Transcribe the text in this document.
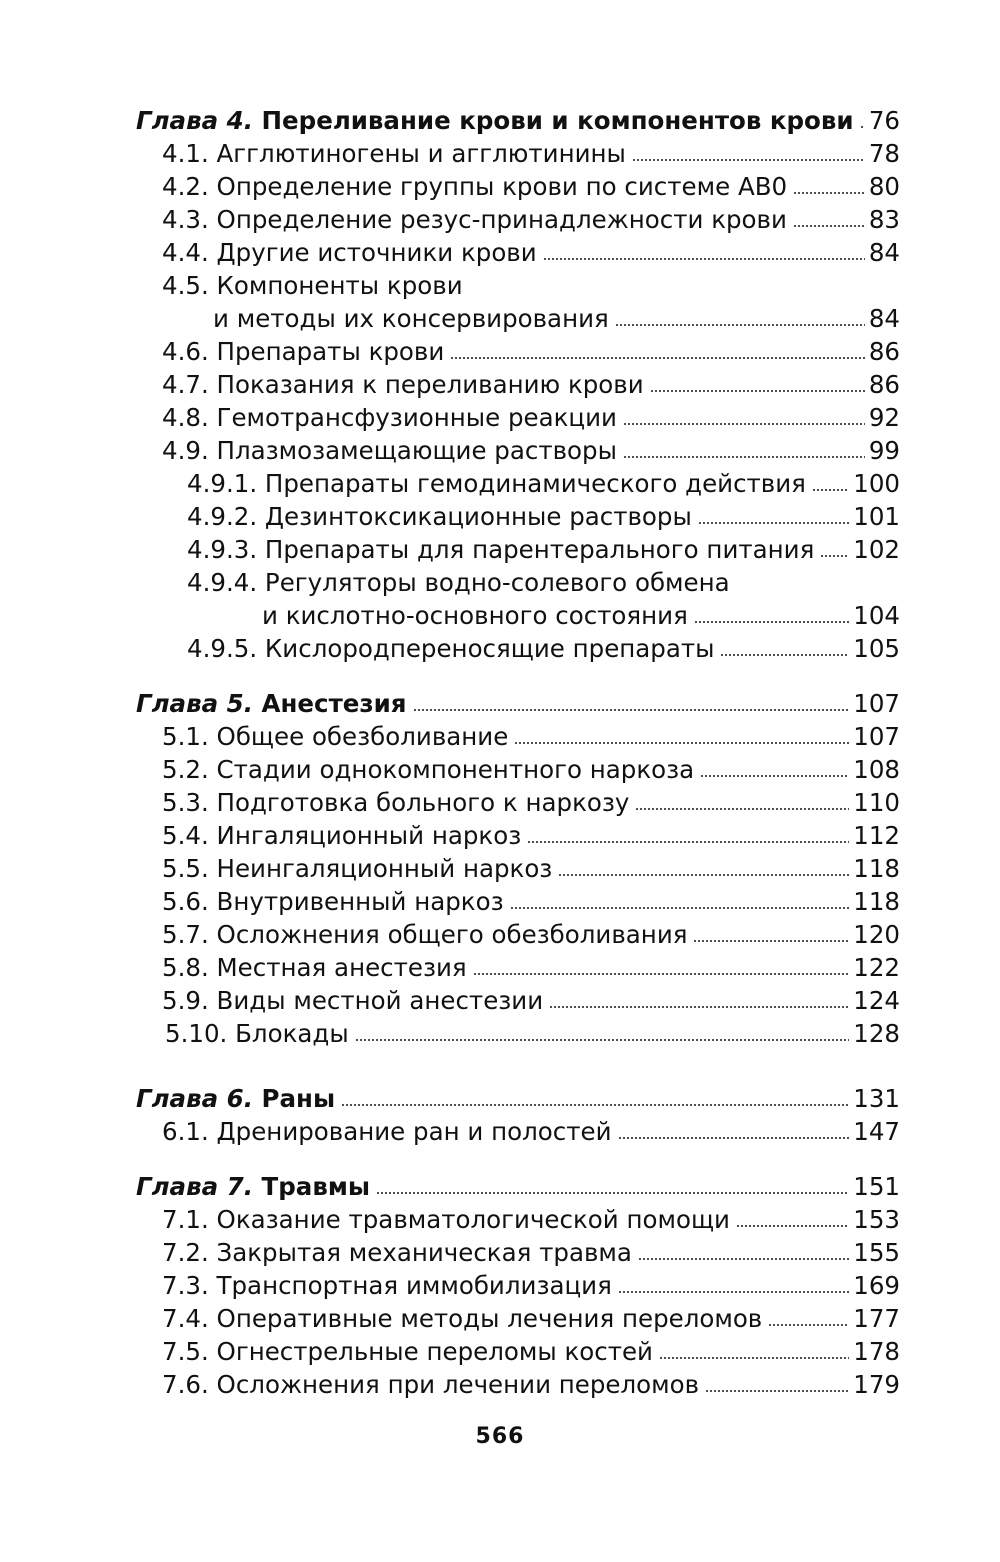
Глава 4. Переливание крови и компонентов крови 76
4.1. Агглютиногены и агглютинины	78
4.2. Определение группы крови по системе АВ0	80
4.3. Определение резус-принадлежности крови	83
4.4. Другие источники крови	84
4.5. Компоненты крови
и методы их консервирования	84
4.6. Препараты крови	86
4.7. Показания к переливанию крови	86
4.8. Гемотрансфузионные реакции	92
4.9. Плазмозамещающие растворы	99
4.9.1. Препараты гемодинамического действия 100
4.9.2. Дезинтоксикационные растворы	101
4.9.3. Препараты для парентерального питания 102
4.9.4. Регуляторы водно-солевого обмена
и кислотно-основного состояния	104
4.9.5. Кислородпереносящие препараты	105
Глава 5. Анестезия	107
5.1. Общее обезболивание	107
5.2. Стадии однокомпонентного наркоза	108
5.3. Подготовка больного к наркозу	110
5.4. Ингаляционный наркоз	112
5.5. Неингаляционный наркоз	118
5.6. Внутривенный наркоз	118
5.7. Осложнения общего обезболивания	120
5.8. Местная анестезия	122
5.9. Виды местной анестезии	124
5.10. Блокады	128
Глава 6. Раны	131
6.1. Дренирование ран и полостей	147
Глава 7. Травмы	151
7.1. Оказание травматологической помощи	153
7.2. Закрытая механическая травма	155
7.3. Транспортная иммобилизация	169
7.4. Оперативные методы лечения переломов	177
7.5. Огнестрельные переломы костей	178
7.6. Осложнения при лечении переломов	179
566
